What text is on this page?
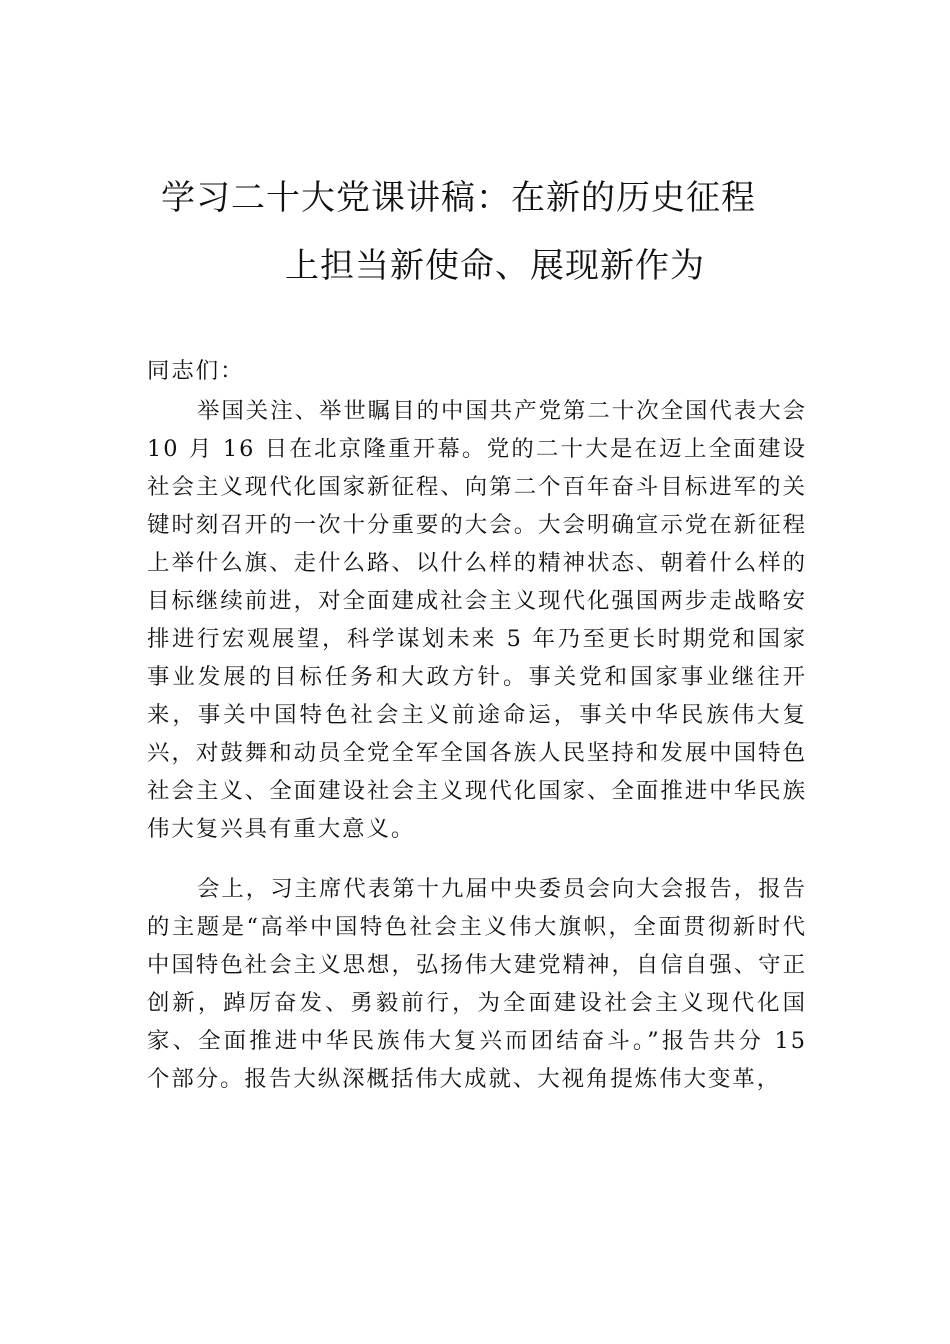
学习二十大党课讲稿：在新的历史征程
上担当新使命、展现新作为
同志们：
举国关注、举世瞩目的中国共产党第二十次全国代表大会 10 月 16 日在北京隆重开幕。党的二十大是在迈上全面建设社会主义现代化国家新征程、向第二个百年奋斗目标进军的关键时刻召开的一次十分重要的大会。大会明确宣示党在新征程上举什么旗、走什么路、以什么样的精神状态、朝着什么样的目标继续前进，对全面建成社会主义现代化强国两步走战略安排进行宏观展望，科学谋划未来 5 年乃至更长时期党和国家事业发展的目标任务和大政方针。事关党和国家事业继往开来，事关中国特色社会主义前途命运，事关中华民族伟大复兴，对鼓舞和动员全党全军全国各族人民坚持和发展中国特色社会主义、全面建设社会主义现代化国家、全面推进中华民族伟大复兴具有重大意义。
会上，习主席代表第十九届中央委员会向大会报告，报告的主题是“高举中国特色社会主义伟大旗帜，全面贯彻新时代中国特色社会主义思想，弘扬伟大建党精神，自信自强、守正创新，踔厉奋发、勇毅前行，为全面建设社会主义现代化国家、全面推进中华民族伟大复兴而团结奋斗。”报告共分 15 个部分。报告大纵深概括伟大成就、大视角提炼伟大变革，
